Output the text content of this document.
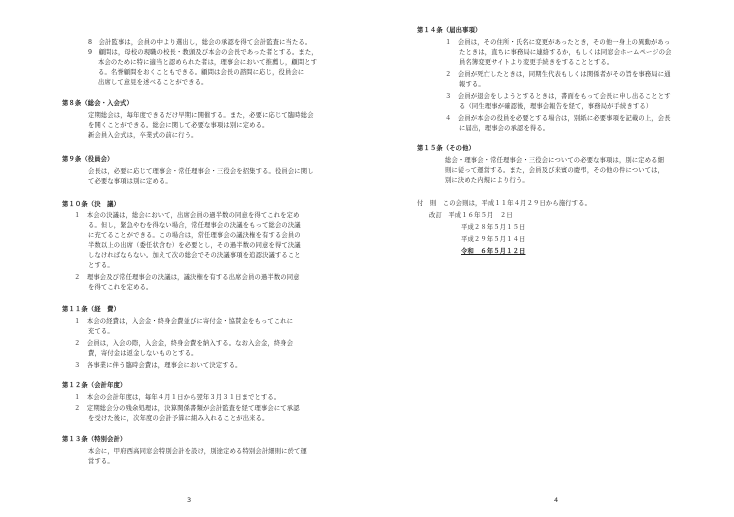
8　会計監事は，会員の中より選出し，総会の承認を得て会計監査に当たる。
9　顧問は，母校の現職の校長・教頭及び本会の会長であった者とする。また，
本会のために特に適当と認められた者は，理事会において推薦し，顧問とす
る。名誉顧問をおくこともできる。顧問は会長の諮問に応じ，役員会に
出席して意見を述べることができる。
第８条（総会・入会式）
定期総会は，毎年度できるだけ早期に開催する。また，必要に応じて臨時総会
を開くことができる。総会に関して必要な事項は別に定める。
新会員入会式は，卒業式の前に行う。
第９条（役員会）
会長は，必要に応じて理事会・常任理事会・三役会を招集する。役員会に関し
て必要な事項は別に定める。
第１０条（決　議）
１　本会の決議は，総会において，出席会員の過半数の同意を得てこれを定め
る。但し，緊急やむを得ない場合，常任理事会の決議をもって総会の決議
に充てることができる。この場合は，常任理事会の議決権を有する会員の
半数以上の出席（委任状含む）を必要とし，その過半数の同意を得て決議
しなければならない。加えて次の総会でその決議事項を追認決議すること
とする。
２　理事会及び常任理事会の決議は，議決権を有する出席会員の過半数の同意
を得てこれを定める。
第１１条（経　費）
１　本会の経費は，入会金・終身会費並びに寄付金・協賛金をもってこれに
充てる。
２　会員は，入会の際，入会金，終身会費を納入する。なお入会金，終身会
費，寄付金は返金しないものとする。
３　各事業に伴う臨時会費は，理事会において決定する。
第１２条（会計年度）
１　本会の会計年度は，毎年４月１日から翌年３月３１日までとする。
２　定期総会分の残余処理は，決算関係書類が会計監査を経て理事会にて承認
を受けた後に，次年度の会計予算に組み入れることが出来る。
第１３条（特別会計）
本会に，甲府西高同窓会特別会計を設け，別途定める特別会計細則に於て運
営する。
3
第１４条（届出事項）
１　会員は，その住所・氏名に変更があったとき，その他一身上の異動があっ
たときは，直ちに事務局に連絡するか，もしくは同窓会ホームページの会
員名簿変更サイトより変更手続きをすることとする。
２　会員が死亡したときは，同期生代表もしくは関係者がその旨を事務局に通
報する。
３　会員が退会をしようとするときは，書面をもって会長に申し出ることとす
る（同生理事が確認後，理事会報告を経て，事務局が手続きする）
４　会員が本会の役員を必要とする場合は，別紙に必要事項を記載の上，会長
に届出，理事会の承認を得る。
第１５条（その他）
総会・理事会・常任理事会・三役会についての必要な事項は，別に定める細
則に従って運営する。また，会員及び来賓の慶弔，その他の件については，
別に決めた内規により行う。
付　則　この会則は，平成１１年４月２９日から施行する。
改訂　平成１６年５月　２日
平成２８年５月１５日
平成２９年５月１４日
令和　６年５月１２日
4
